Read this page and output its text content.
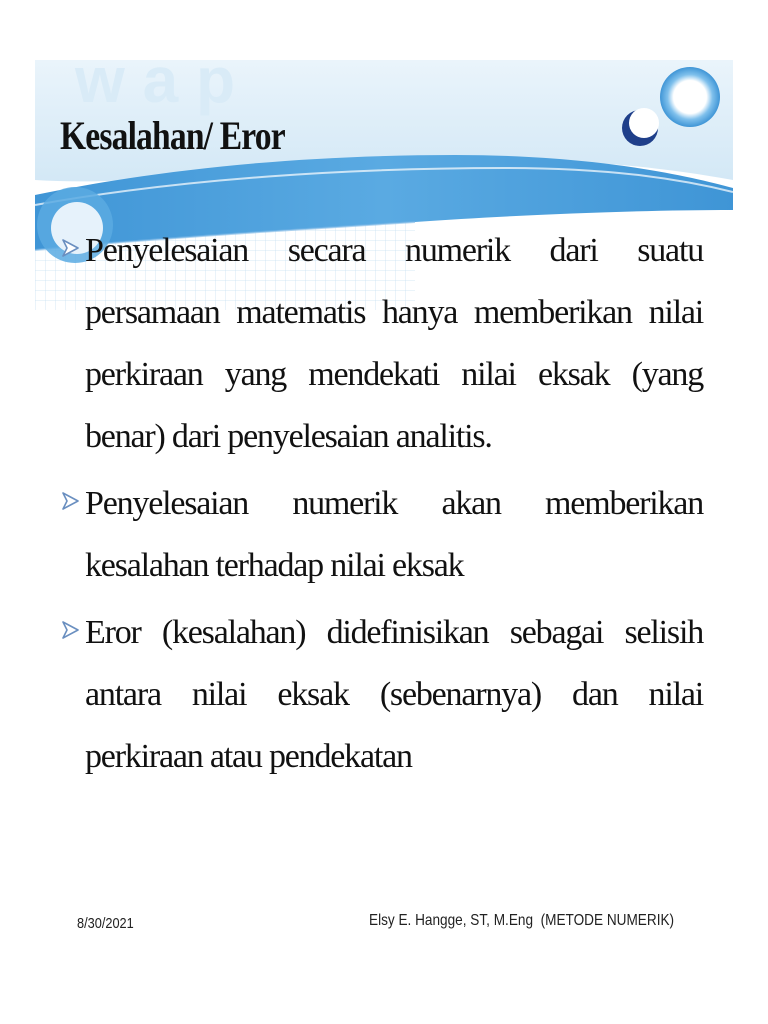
w a p
Kesalahan/ Eror
Penyelesaian secara numerik dari suatu persamaan matematis hanya memberikan nilai perkiraan yang mendekati nilai eksak (yang benar) dari penyelesaian analitis.
Penyelesaian numerik akan memberikan kesalahan terhadap nilai eksak
Eror (kesalahan) didefinisikan sebagai selisih antara nilai eksak (sebenarnya) dan nilai perkiraan atau pendekatan
8/30/2021	Elsy E. Hangge, ST, M.Eng  (METODE NUMERIK)
